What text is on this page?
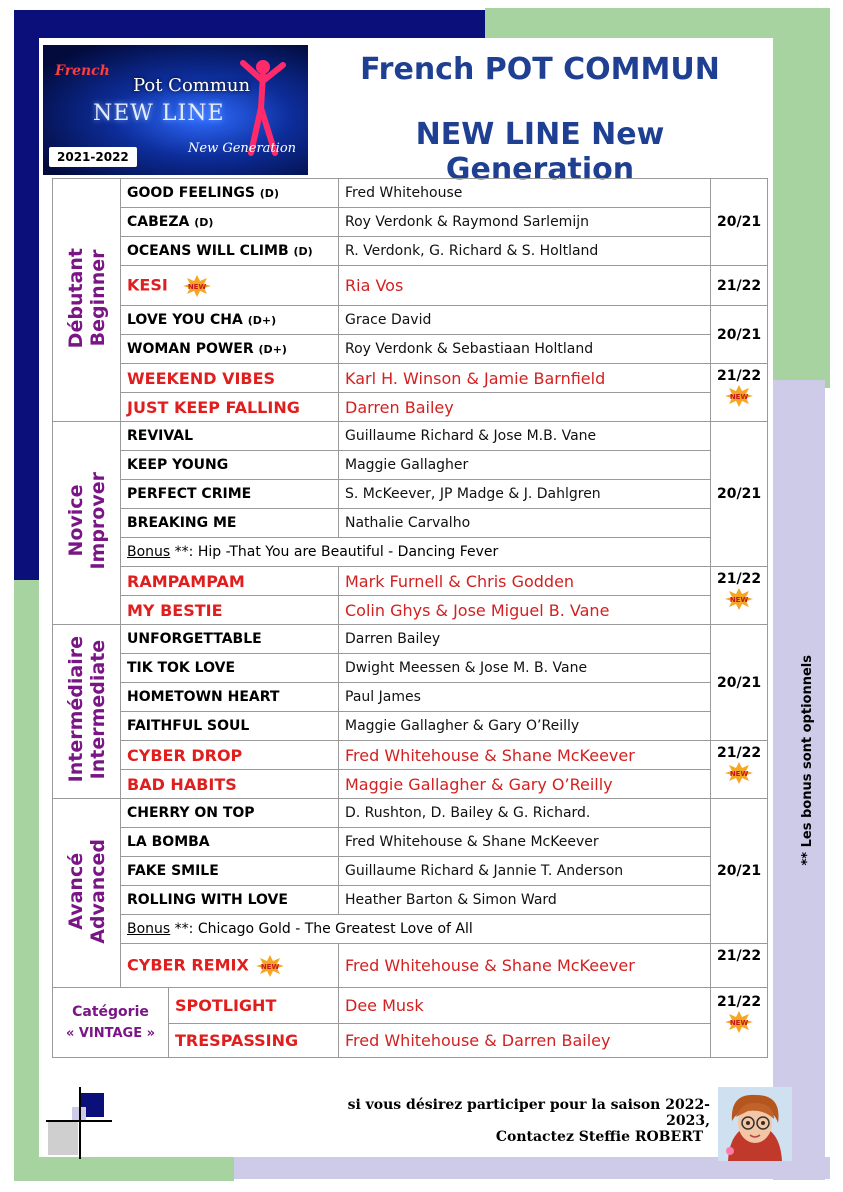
French
Pot Commun
NEW LINE
New Generation
2021-2022
French POT COMMUN
NEW LINE New Generation
Débutant
Beginner	GOOD FEELINGS (D)		Fred Whitehouse	20/21
	CABEZA (D)		Roy Verdonk & Raymond Sarlemijn	
	OCEANS WILL CLIMB (D)		R. Verdonk, G. Richard & S. Holtland	
	KESI NEW		Ria Vos	21/22
	LOVE YOU CHA (D+)		Grace David	20/21
	WOMAN POWER (D+)		Roy Verdonk & Sebastiaan Holtland	
	WEEKEND VIBES		Karl H. Winson & Jamie Barnfield	21/22
NEW

	JUST KEEP FALLING		Darren Bailey	
Novice
Improver	REVIVAL		Guillaume Richard & Jose M.B. Vane	20/21
	KEEP YOUNG		Maggie Gallagher	
	PERFECT CRIME		S. McKeever, JP Madge & J. Dahlgren	
	BREAKING ME		Nathalie Carvalho	
	Bonus **: Hip -That You are Beautiful - Dancing Fever			
	RAMPAMPAM		Mark Furnell & Chris Godden	21/22
NEW

	MY BESTIE		Colin Ghys & Jose Miguel B. Vane	
Intermédiaire
Intermediate	UNFORGETTABLE		Darren Bailey	20/21
	TIK TOK LOVE		Dwight Meessen & Jose M. B. Vane	
	HOMETOWN HEART		Paul James	
	FAITHFUL SOUL		Maggie Gallagher & Gary O’Reilly	
	CYBER DROP		Fred Whitehouse & Shane McKeever	21/22
NEW

	BAD HABITS		Maggie Gallagher & Gary O’Reilly	
Avancé
Advanced	CHERRY ON TOP		D. Rushton, D. Bailey & G. Richard.	20/21
	LA BOMBA		Fred Whitehouse & Shane McKeever	
	FAKE SMILE		Guillaume Richard & Jannie T. Anderson	
	ROLLING WITH LOVE		Heather Barton & Simon Ward	
	Bonus **: Chicago Gold - The Greatest Love of All			
	CYBER REMIX NEW		Fred Whitehouse & Shane McKeever	21/22
Catégorie
« VINTAGE »		SPOTLIGHT	Dee Musk	21/22
NEW

		TRESPASSING	Fred Whitehouse & Darren Bailey	
** Les bonus sont optionnels
si vous désirez participer pour la saison 2022-2023,
Contactez Steffie ROBERT
